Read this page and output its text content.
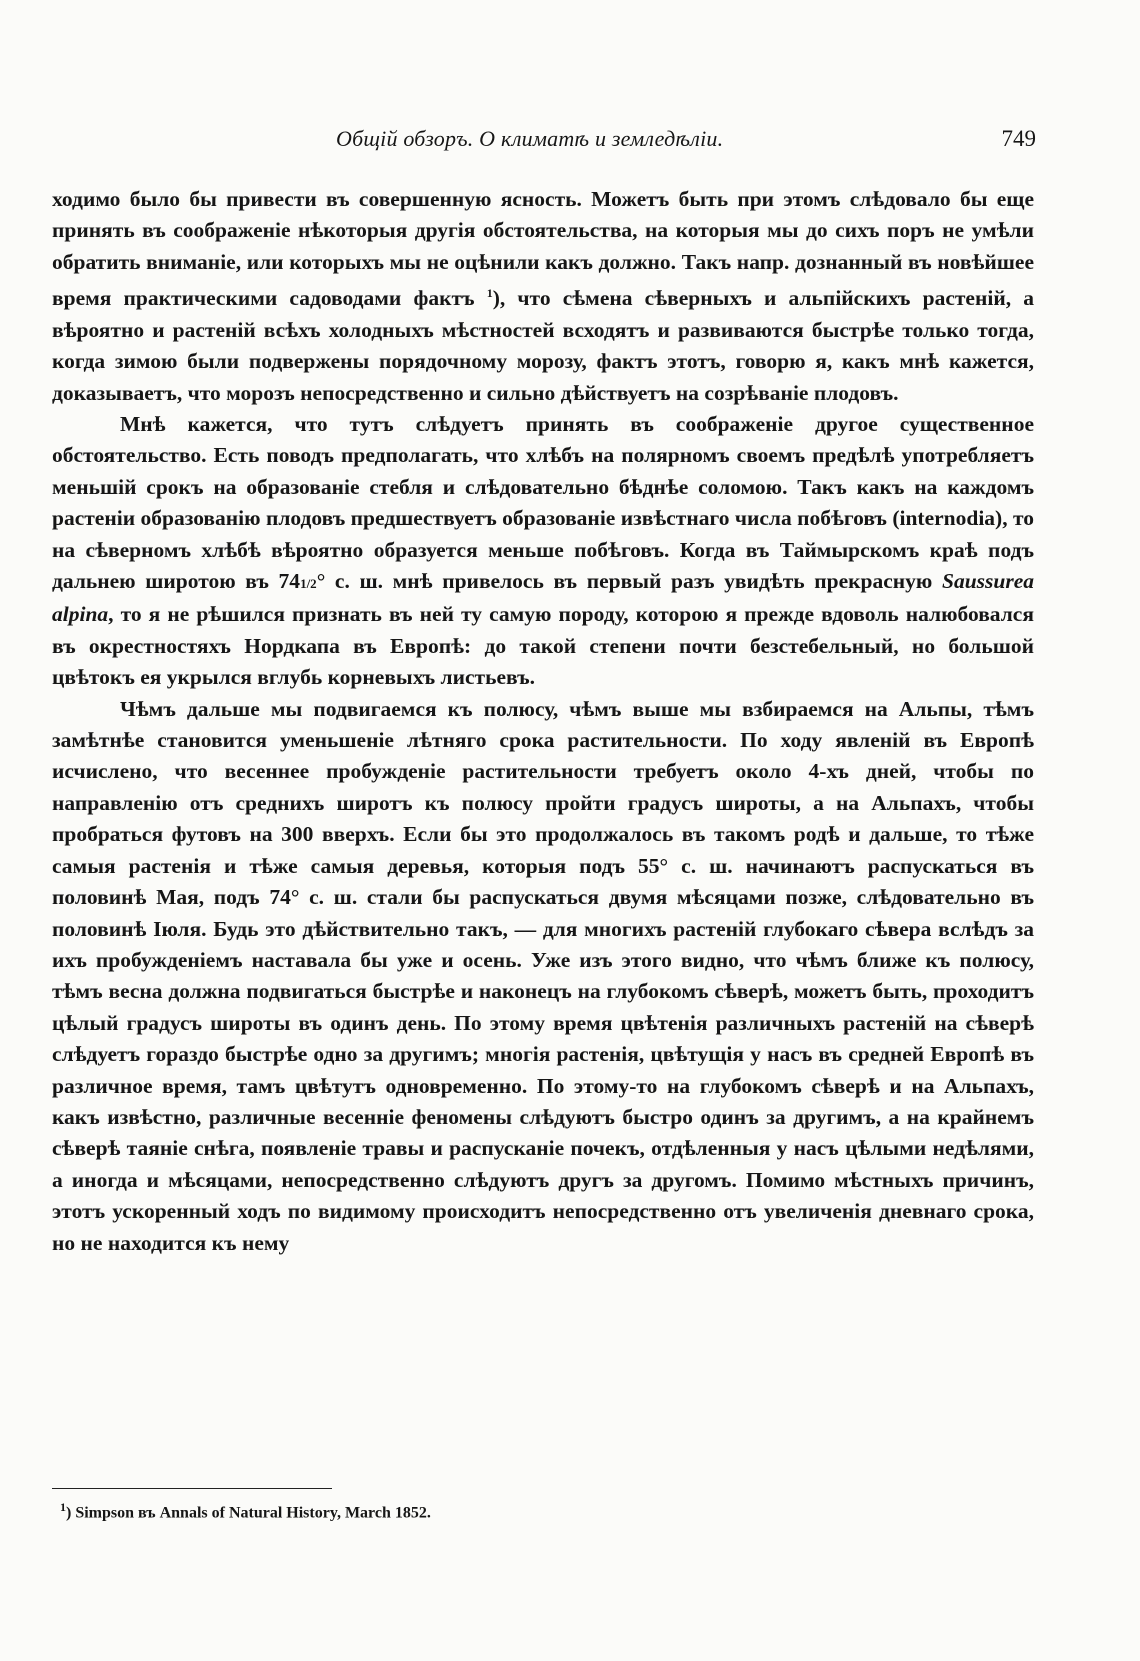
Общій обзоръ. О климатѣ и земледѣліи.	749

ходимо было бы привести въ совершенную ясность. Можетъ быть при этомъ слѣдовало бы еще принять въ соображеніе нѣкоторыя другія обстоятельства, на которыя мы до сихъ поръ не умѣли обратить вниманіе, или которыхъ мы не оцѣнили какъ должно. Такъ напр. дознанный въ новѣйшее время практическими садоводами фактъ $^1$), что сѣмена сѣверныхъ и альпійскихъ растеній, а вѣроятно и растеній всѣхъ холодныхъ мѣстностей всходятъ и развиваются быстрѣе только тогда, когда зимою были подвержены порядочному морозу, фактъ этотъ, говорю я, какъ мнѣ кажется, доказываетъ, что морозъ непосредственно и сильно дѣйствуетъ на созрѣваніе плодовъ.

Мнѣ кажется, что тутъ слѣдуетъ принять въ соображеніе другое существенное обстоятельство. Есть поводъ предполагать, что хлѣбъ на полярномъ своемъ предѣлѣ употребляетъ меньшій срокъ на образованіе стебля и слѣдовательно бѣднѣе соломою. Такъ какъ на каждомъ растеніи образованію плодовъ предшествуетъ образованіе извѣстнаго числа побѣговъ (internodia), то на сѣверномъ хлѣбѣ вѣроятно образуется меньше побѣговъ. Когда въ Таймырскомъ краѣ подъ дальнею широтою въ 741/2° с. ш. мнѣ привелось въ первый разъ увидѣть прекрасную Saussurea alpina, то я не рѣшился признать въ ней ту самую породу, которою я прежде вдоволь налюбовался въ окрестностяхъ Нордкапа въ Европѣ: до такой степени почти безстебельный, но большой цвѣтокъ ея укрылся вглубь корневыхъ листьевъ.

Чѣмъ дальше мы подвигаемся къ полюсу, чѣмъ выше мы взбираемся на Альпы, тѣмъ замѣтнѣе становится уменьшеніе лѣтняго срока растительности. По ходу явленій въ Европѣ исчислено, что весеннее пробужденіе растительности требуетъ около 4-хъ дней, чтобы по направленію отъ среднихъ широтъ къ полюсу пройти градусъ широты, а на Альпахъ, чтобы пробраться футовъ на 300 вверхъ. Если бы это продолжалось въ такомъ родѣ и дальше, то тѣже самыя растенія и тѣже самыя деревья, которыя подъ 55° с. ш. начинаютъ распускаться въ половинѣ Мая, подъ 74° с. ш. стали бы распускаться двумя мѣсяцами позже, слѣдовательно въ половинѣ Іюля. Будь это дѣйствительно такъ, — для многихъ растеній глубокаго сѣвера вслѣдъ за ихъ пробужденіемъ наставала бы уже и осень. Уже изъ этого видно, что чѣмъ ближе къ полюсу, тѣмъ весна должна подвигаться быстрѣе и наконецъ на глубокомъ сѣверѣ, можетъ быть, проходитъ цѣлый градусъ широты въ одинъ день. По этому время цвѣтенія различныхъ растеній на сѣверѣ слѣдуетъ гораздо быстрѣе одно за другимъ; многія растенія, цвѣтущія у насъ въ средней Европѣ въ различное время, тамъ цвѣтутъ одновременно. По этому-то на глубокомъ сѣверѣ и на Альпахъ, какъ извѣстно, различные весенніе феномены слѣдуютъ быстро одинъ за другимъ, а на крайнемъ сѣверѣ таяніе снѣга, появленіе травы и распусканіе почекъ, отдѣленныя у насъ цѣлыми недѣлями, а иногда и мѣсяцами, непосредственно слѣдуютъ другъ за другомъ. Помимо мѣстныхъ причинъ, этотъ ускоренный ходъ по видимому происходитъ непосредственно отъ увеличенія дневнаго срока, но не находится къ нему

$^1$) Simpson въ Annals of Natural History, March 1852.
